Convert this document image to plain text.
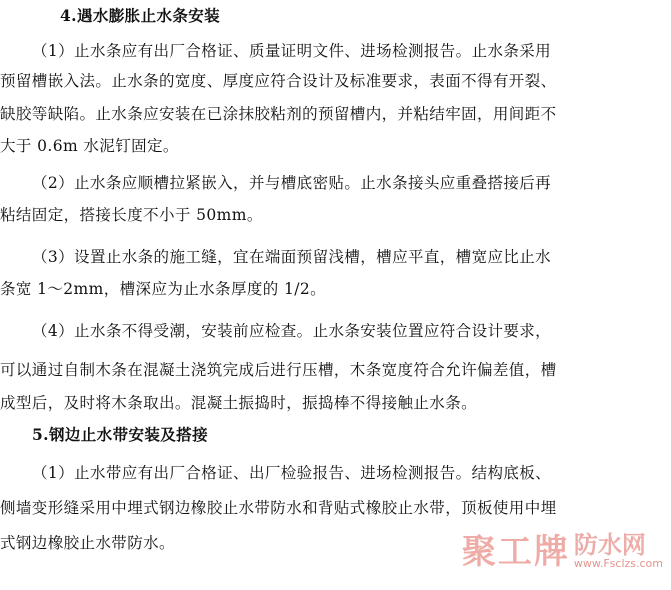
4.遇水膨胀止水条安装
（1）止水条应有出厂合格证、质量证明文件、进场检测报告。止水条采用
预留槽嵌入法。止水条的宽度、厚度应符合设计及标准要求，表面不得有开裂、
缺胶等缺陷。止水条应安装在已涂抹胶粘剂的预留槽内，并粘结牢固，用间距不
大于 0.6m 水泥钉固定。
（2）止水条应顺槽拉紧嵌入，并与槽底密贴。止水条接头应重叠搭接后再
粘结固定，搭接长度不小于 50mm。
（3）设置止水条的施工缝，宜在端面预留浅槽，槽应平直，槽宽应比止水
条宽 1～2mm，槽深应为止水条厚度的 1/2。
（4）止水条不得受潮，安装前应检查。止水条安装位置应符合设计要求，
可以通过自制木条在混凝土浇筑完成后进行压槽，木条宽度符合允许偏差值，槽
成型后，及时将木条取出。混凝土振捣时，振捣棒不得接触止水条。
5.钢边止水带安装及搭接
（1）止水带应有出厂合格证、出厂检验报告、进场检测报告。结构底板、
侧墙变形缝采用中埋式钢边橡胶止水带防水和背贴式橡胶止水带，顶板使用中埋
式钢边橡胶止水带防水。	聚工牌 防水网
www.Fsclzs.com
